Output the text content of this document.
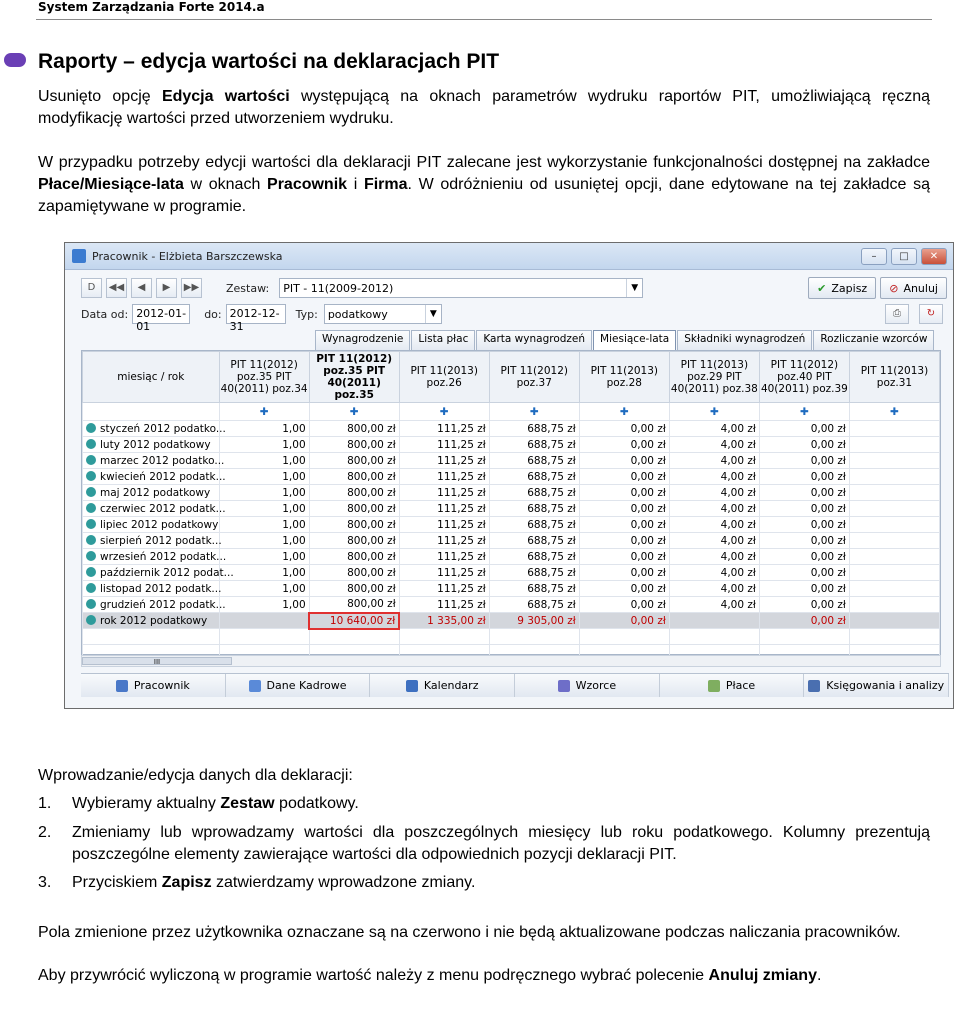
System Zarządzania Forte 2014.a
Raporty – edycja wartości na deklaracjach PIT
Usunięto opcję Edycja wartości występującą na oknach parametrów wydruku raportów PIT, umożliwiającą ręczną modyfikację wartości przed utworzeniem wydruku.
W przypadku potrzeby edycji wartości dla deklaracji PIT zalecane jest wykorzystanie funkcjonalności dostępnej na zakładce Płace/Miesiące-lata w oknach Pracownik i Firma. W odróżnieniu od usuniętej opcji, dane edytowane na tej zakładce są zapamiętywane w programie.
Pracownik - Elżbieta Barszczewska	–	□	✕
D	◀◀	◀	▶	▶▶ Zestaw: PIT - 11(2009-2012)	▼	✔ Zapisz ⊘ Anuluj
Data od: 2012-01-01
do: 2012-12-31
Typ: podatkowy	▼	⎙	↻
Wynagrodzenie	Lista płac	Karta wynagrodzeń	Miesiące-lata	Składniki wynagrodzeń	Rozliczanie wzorców
miesiąc / rok	PIT 11(2012)
poz.35 PIT
40(2011) poz.34	PIT 11(2012)
poz.35 PIT
40(2011) poz.35	PIT 11(2013)
poz.26	PIT 11(2012)
poz.37	PIT 11(2013)
poz.28	PIT 11(2013)
poz.29 PIT
40(2011) poz.38	PIT 11(2012)
poz.40 PIT
40(2011) poz.39	PIT 11(2013)
poz.31
	✚	✚	✚	✚	✚	✚	✚	✚
styczeń 2012 podatko...	1,00	800,00 zł	111,25 zł	688,75 zł	0,00 zł	4,00 zł	0,00 zł	
luty 2012 podatkowy	1,00	800,00 zł	111,25 zł	688,75 zł	0,00 zł	4,00 zł	0,00 zł	
marzec 2012 podatko...	1,00	800,00 zł	111,25 zł	688,75 zł	0,00 zł	4,00 zł	0,00 zł	
kwiecień 2012 podatk...	1,00	800,00 zł	111,25 zł	688,75 zł	0,00 zł	4,00 zł	0,00 zł	
maj 2012 podatkowy	1,00	800,00 zł	111,25 zł	688,75 zł	0,00 zł	4,00 zł	0,00 zł	
czerwiec 2012 podatk...	1,00	800,00 zł	111,25 zł	688,75 zł	0,00 zł	4,00 zł	0,00 zł	
lipiec 2012 podatkowy	1,00	800,00 zł	111,25 zł	688,75 zł	0,00 zł	4,00 zł	0,00 zł	
sierpień 2012 podatk...	1,00	800,00 zł	111,25 zł	688,75 zł	0,00 zł	4,00 zł	0,00 zł	
wrzesień 2012 podatk...	1,00	800,00 zł	111,25 zł	688,75 zł	0,00 zł	4,00 zł	0,00 zł	
październik 2012 podat...	1,00	800,00 zł	111,25 zł	688,75 zł	0,00 zł	4,00 zł	0,00 zł	
listopad 2012 podatk...	1,00	800,00 zł	111,25 zł	688,75 zł	0,00 zł	4,00 zł	0,00 zł	
grudzień 2012 podatk...	1,00	800,00 zł	111,25 zł	688,75 zł	0,00 zł	4,00 zł	0,00 zł	
rok 2012 podatkowy		10 640,00 zł	1 335,00 zł	9 305,00 zł	0,00 zł		0,00 zł	

III
Pracownik	Dane Kadrowe	Kalendarz	Wzorce	Płace	Księgowania i analizy
Wprowadzanie/edycja danych dla deklaracji:
1. Wybieramy aktualny Zestaw podatkowy.
2.	Zmieniamy lub wprowadzamy wartości dla poszczególnych miesięcy lub roku podatkowego. Kolumny prezentują poszczególne elementy zawierające wartości dla odpowiednich pozycji deklaracji PIT.
3. Przyciskiem Zapisz zatwierdzamy wprowadzone zmiany.
Pola zmienione przez użytkownika oznaczane są na czerwono i nie będą aktualizowane podczas naliczania pracowników.
Aby przywrócić wyliczoną w programie wartość należy z menu podręcznego wybrać polecenie Anuluj zmiany.
